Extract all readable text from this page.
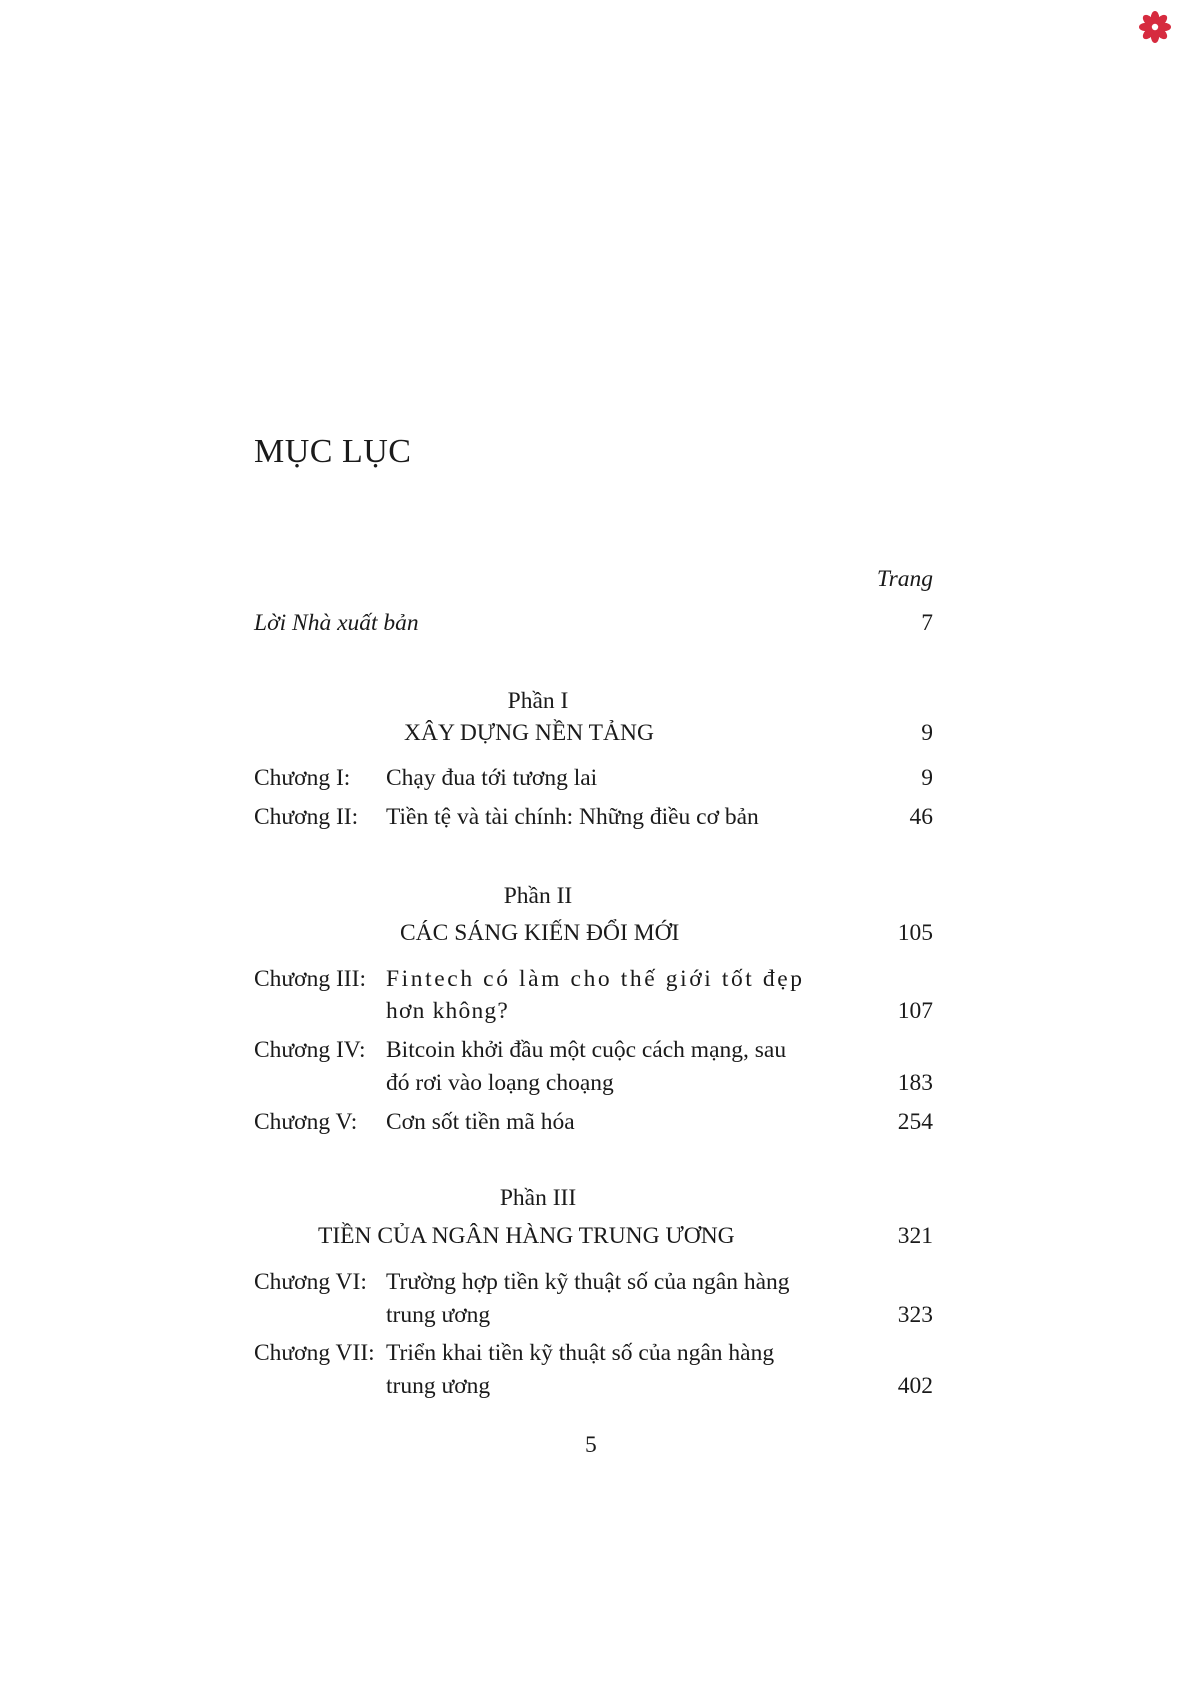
MỤC LỤC
Trang
Lời Nhà xuất bản	7
Phần I
XÂY DỰNG NỀN TẢNG	9
Chương I: Chạy đua tới tương lai	9
Chương II: Tiền tệ và tài chính: Những điều cơ bản	46
Phần II
CÁC SÁNG KIẾN ĐỔI MỚI	105
Chương III: Fintech có làm cho thế giới tốt đẹp
hơn không?	107
Chương IV: Bitcoin khởi đầu một cuộc cách mạng, sau
đó rơi vào loạng choạng	183
Chương V: Cơn sốt tiền mã hóa	254
Phần III
TIỀN CỦA NGÂN HÀNG TRUNG ƯƠNG	321
Chương VI: Trường hợp tiền kỹ thuật số của ngân hàng
trung ương	323
Chương VII: Triển khai tiền kỹ thuật số của ngân hàng
trung ương	402
5
